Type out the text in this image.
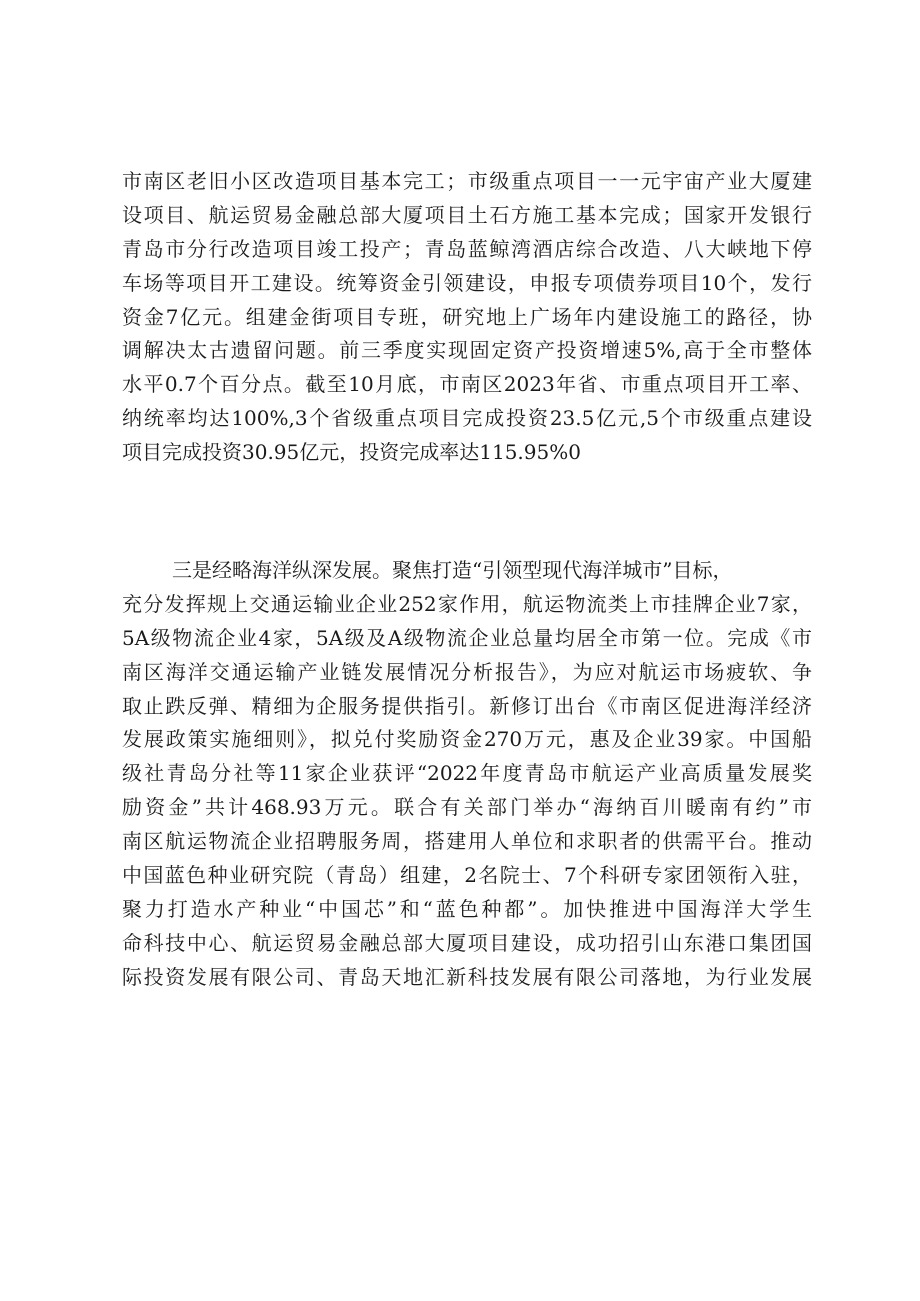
市南区老旧小区改造项目基本完工；市级重点项目一一元宇宙产业大厦建
设项目、航运贸易金融总部大厦项目土石方施工基本完成；国家开发银行
青岛市分行改造项目竣工投产；青岛蓝鲸湾酒店综合改造、八大峡地下停
车场等项目开工建设。统筹资金引领建设，申报专项债券项目10个，发行
资金7亿元。组建金街项目专班，研究地上广场年内建设施工的路径，协
调解决太古遗留问题。前三季度实现固定资产投资增速5%,高于全市整体
水平0.7个百分点。截至10月底，市南区2023年省、市重点项目开工率、
纳统率均达100%,3个省级重点项目完成投资23.5亿元,5个市级重点建设
项目完成投资30.95亿元，投资完成率达115.95%0
三是经略海洋纵深发展。聚焦打造“引领型现代海洋城市”目标，
充分发挥规上交通运输业企业252家作用，航运物流类上市挂牌企业7家，
5A级物流企业4家，5A级及A级物流企业总量均居全市第一位。完成《市
南区海洋交通运输产业链发展情况分析报告》，为应对航运市场疲软、争
取止跌反弹、精细为企服务提供指引。新修订出台《市南区促进海洋经济
发展政策实施细则》，拟兑付奖励资金270万元，惠及企业39家。中国船
级社青岛分社等11家企业获评“2022年度青岛市航运产业高质量发展奖
励资金”共计468.93万元。联合有关部门举办“海纳百川暖南有约”市
南区航运物流企业招聘服务周，搭建用人单位和求职者的供需平台。推动
中国蓝色种业研究院（青岛）组建，2名院士、7个科研专家团领衔入驻，
聚力打造水产种业“中国芯”和“蓝色种都”。加快推进中国海洋大学生
命科技中心、航运贸易金融总部大厦项目建设，成功招引山东港口集团国
际投资发展有限公司、青岛天地汇新科技发展有限公司落地，为行业发展
